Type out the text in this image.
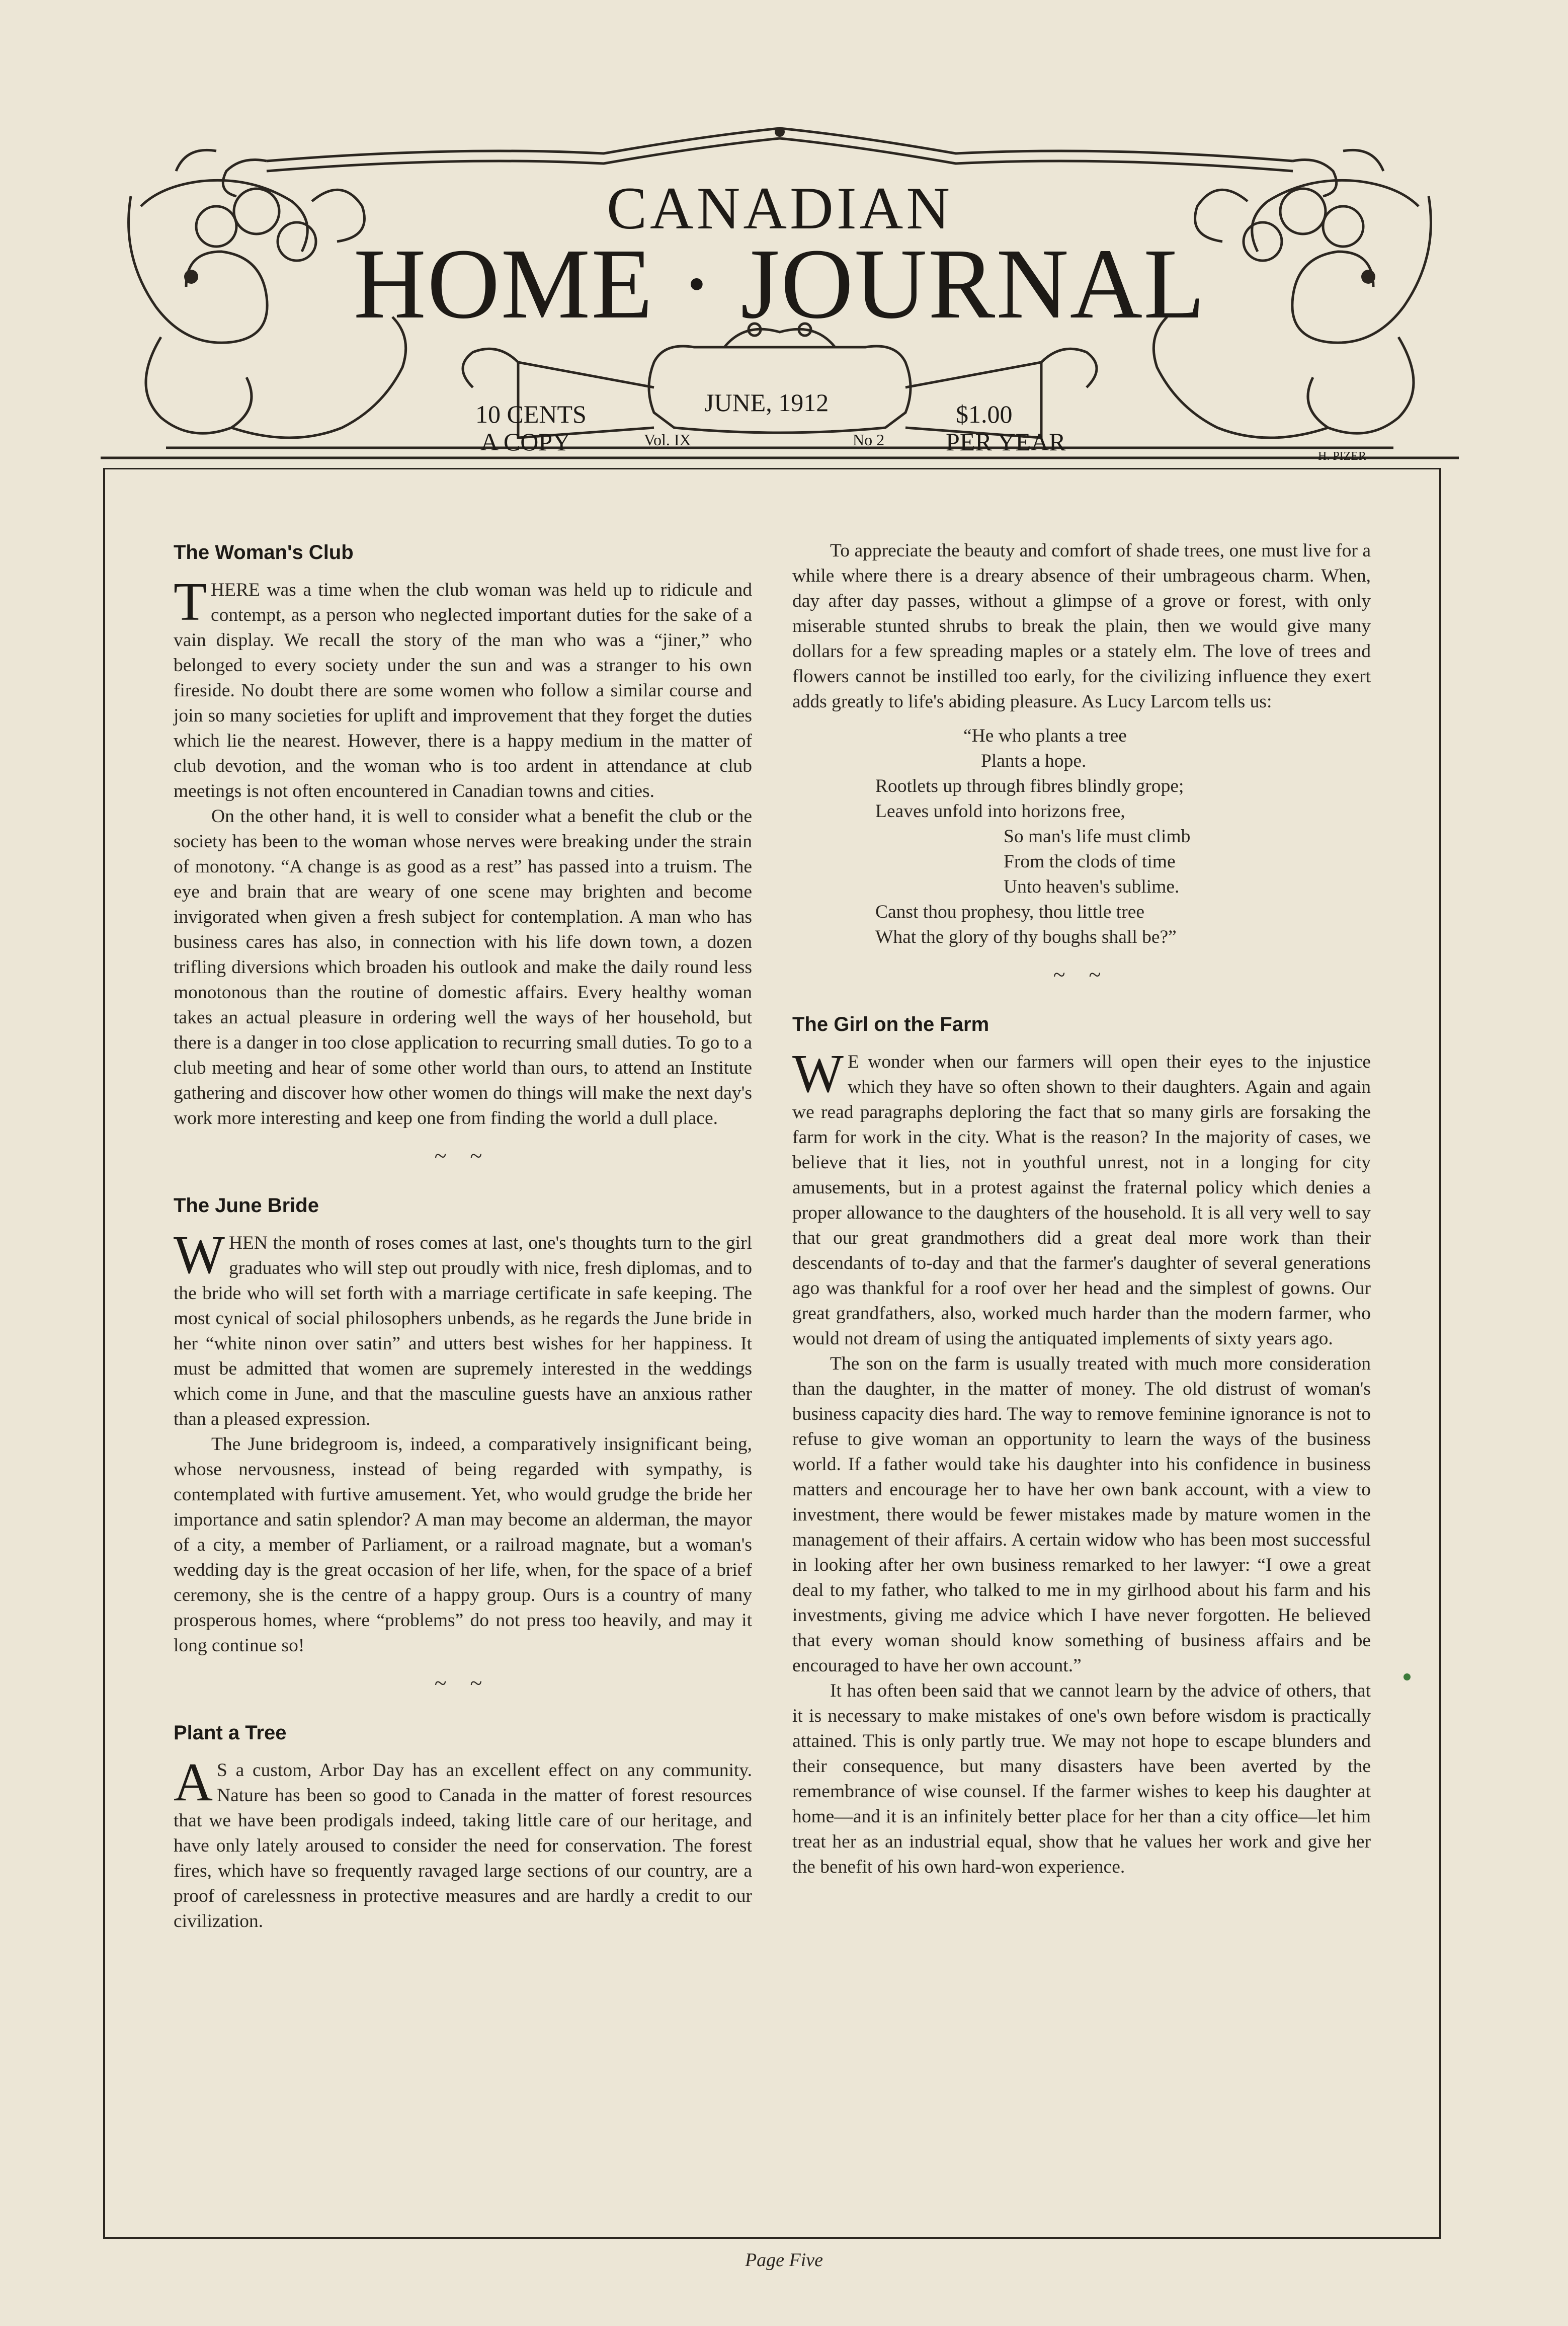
CANADIAN
HOME · JOURNAL
10 CENTS
A COPY
JUNE, 1912
Vol. IX	No 2
$1.00
PER YEAR
H. PIZER
The Woman's Club

THERE was a time when the club woman was held up to ridicule and contempt, as a person who neglected important duties for the sake of a vain display. We recall the story of the man who was a “jiner,” who belonged to every society under the sun and was a stranger to his own fireside. No doubt there are some women who follow a similar course and join so many societies for uplift and improvement that they forget the duties which lie the nearest. However, there is a happy medium in the matter of club devotion, and the woman who is too ardent in attendance at club meetings is not often encountered in Canadian towns and cities.

On the other hand, it is well to consider what a benefit the club or the society has been to the woman whose nerves were breaking under the strain of monotony. “A change is as good as a rest” has passed into a truism. The eye and brain that are weary of one scene may brighten and become invigorated when given a fresh subject for contemplation. A man who has business cares has also, in connection with his life down town, a dozen trifling diversions which broaden his outlook and make the daily round less monotonous than the routine of domestic affairs. Every healthy woman takes an actual pleasure in ordering well the ways of her household, but there is a danger in too close application to recurring small duties. To go to a club meeting and hear of some other world than ours, to attend an Institute gathering and discover how other women do things will make the next day's work more interesting and keep one from finding the world a dull place.

~ ~
The June Bride

WHEN the month of roses comes at last, one's thoughts turn to the girl graduates who will step out proudly with nice, fresh diplomas, and to the bride who will set forth with a marriage certificate in safe keeping. The most cynical of social philosophers unbends, as he regards the June bride in her “white ninon over satin” and utters best wishes for her happiness. It must be admitted that women are supremely interested in the weddings which come in June, and that the masculine guests have an anxious rather than a pleased expression.

The June bridegroom is, indeed, a comparatively insignificant being, whose nervousness, instead of being regarded with sympathy, is contemplated with furtive amusement. Yet, who would grudge the bride her importance and satin splendor? A man may become an alderman, the mayor of a city, a member of Parliament, or a railroad magnate, but a woman's wedding day is the great occasion of her life, when, for the space of a brief ceremony, she is the centre of a happy group. Ours is a country of many prosperous homes, where “problems” do not press too heavily, and may it long continue so!

~ ~
Plant a Tree

A S a custom, Arbor Day has an excellent effect on any community. Nature has been so good to Canada in the matter of forest resources that we have been prodigals indeed, taking little care of our heritage, and have only lately aroused to consider the need for conservation. The forest fires, which have so frequently ravaged large sections of our country, are a proof of carelessness in protective measures and are hardly a credit to our civilization.

To appreciate the beauty and comfort of shade trees, one must live for a while where there is a dreary absence of their umbrageous charm. When, day after day passes, without a glimpse of a grove or forest, with only miserable stunted shrubs to break the plain, then we would give many dollars for a few spreading maples or a stately elm. The love of trees and flowers cannot be instilled too early, for the civilizing influence they exert adds greatly to life's abiding pleasure. As Lucy Larcom tells us:

“He who plants a tree
Plants a hope.
Rootlets up through fibres blindly grope;
Leaves unfold into horizons free,
So man's life must climb
From the clods of time
Unto heaven's sublime.
Canst thou prophesy, thou little tree
What the glory of thy boughs shall be?”
~ ~
The Girl on the Farm

W E wonder when our farmers will open their eyes to the injustice which they have so often shown to their daughters. Again and again we read paragraphs deploring the fact that so many girls are forsaking the farm for work in the city. What is the reason? In the majority of cases, we believe that it lies, not in youthful unrest, not in a longing for city amusements, but in a protest against the fraternal policy which denies a proper allowance to the daughters of the household. It is all very well to say that our great grandmothers did a great deal more work than their descendants of to-day and that the farmer's daughter of several generations ago was thankful for a roof over her head and the simplest of gowns. Our great grandfathers, also, worked much harder than the modern farmer, who would not dream of using the antiquated implements of sixty years ago.

The son on the farm is usually treated with much more consideration than the daughter, in the matter of money. The old distrust of woman's business capacity dies hard. The way to remove feminine ignorance is not to refuse to give woman an opportunity to learn the ways of the business world. If a father would take his daughter into his confidence in business matters and encourage her to have her own bank account, with a view to investment, there would be fewer mistakes made by mature women in the management of their affairs. A certain widow who has been most successful in looking after her own business remarked to her lawyer: “I owe a great deal to my father, who talked to me in my girlhood about his farm and his investments, giving me advice which I have never forgotten. He believed that every woman should know something of business affairs and be encouraged to have her own account.”

It has often been said that we cannot learn by the advice of others, that it is necessary to make mistakes of one's own before wisdom is practically attained. This is only partly true. We may not hope to escape blunders and their consequence, but many disasters have been averted by the remembrance of wise counsel. If the farmer wishes to keep his daughter at home—and it is an infinitely better place for her than a city office—let him treat her as an industrial equal, show that he values her work and give her the benefit of his own hard-won experience.

Page Five
